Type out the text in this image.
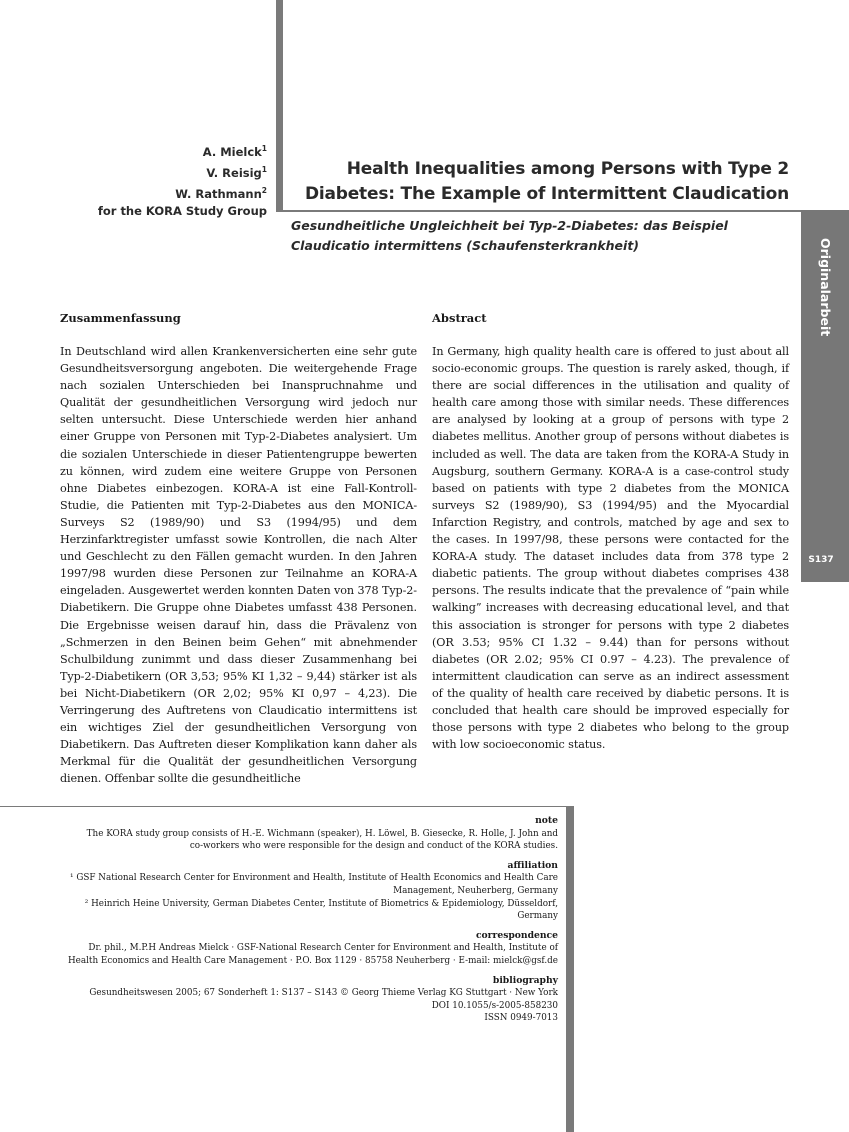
A. Mielck$^1$
V. Reisig$^1$
W. Rathmann$^2$
for the KORA Study Group
Health Inequalities among Persons with Type 2
Diabetes: The Example of Intermittent Claudication
Gesundheitliche Ungleichheit bei Typ-2-Diabetes: das Beispiel Claudicatio intermittens (Schaufensterkrankheit)	Originalarbeit
S137
Zusammenfassung

In Deutschland wird allen Krankenversicherten eine sehr gute Gesundheitsversorgung angeboten. Die weitergehende Frage nach sozialen Unterschieden bei Inanspruchnahme und Qualität der gesundheitlichen Versorgung wird jedoch nur selten untersucht. Diese Unterschiede werden hier anhand einer Gruppe von Personen mit Typ-2-Diabetes analysiert. Um die sozialen Unterschiede in dieser Patientengruppe bewerten zu können, wird zudem eine weitere Gruppe von Personen ohne Diabetes einbezogen. KORA-A ist eine Fall-Kontroll-Studie, die Patienten mit Typ-2-Diabetes aus den MONICA-Surveys S2 (1989/90) und S3 (1994/95) und dem Herzinfarktregister umfasst sowie Kontrollen, die nach Alter und Geschlecht zu den Fällen gemacht wurden. In den Jahren 1997/98 wurden diese Personen zur Teilnahme an KORA-A eingeladen. Ausgewertet werden konnten Daten von 378 Typ-2-Diabetikern. Die Gruppe ohne Diabetes umfasst 438 Personen. Die Ergebnisse weisen darauf hin, dass die Prävalenz von „Schmerzen in den Beinen beim Gehen“ mit abnehmender Schulbildung zunimmt und dass dieser Zusammenhang bei Typ-2-Diabetikern (OR 3,53; 95% KI 1,32 – 9,44) stärker ist als bei Nicht-Diabetikern (OR 2,02; 95% KI 0,97 – 4,23). Die Verringerung des Auftretens von Claudicatio intermittens ist ein wichtiges Ziel der gesundheitlichen Versorgung von Diabetikern. Das Auftreten dieser Komplikation kann daher als Merkmal für die Qualität der gesundheitlichen Versorgung dienen. Offenbar sollte die gesundheitliche

Abstract

In Germany, high quality health care is offered to just about all socio-economic groups. The question is rarely asked, though, if there are social differences in the utilisation and quality of health care among those with similar needs. These differences are analysed by looking at a group of persons with type 2 diabetes mellitus. Another group of persons without diabetes is included as well. The data are taken from the KORA-A Study in Augsburg, southern Germany. KORA-A is a case-control study based on patients with type 2 diabetes from the MONICA surveys S2 (1989/90), S3 (1994/95) and the Myocardial Infarction Registry, and controls, matched by age and sex to the cases. In 1997/98, these persons were contacted for the KORA-A study. The dataset includes data from 378 type 2 diabetic patients. The group without diabetes comprises 438 persons. The results indicate that the prevalence of “pain while walking” increases with decreasing educational level, and that this association is stronger for persons with type 2 diabetes (OR 3.53; 95% CI 1.32 – 9.44) than for persons without diabetes (OR 2.02; 95% CI 0.97 – 4.23). The prevalence of intermittent claudication can serve as an indirect assessment of the quality of health care received by diabetic persons. It is concluded that health care should be improved especially for those persons with type 2 diabetes who belong to the group with low socioeconomic status.

note
The KORA study group consists of H.-E. Wichmann (speaker), H. Löwel, B. Giesecke, R. Holle, J. John and
co-workers who were responsible for the design and conduct of the KORA studies.
affiliation
¹ GSF National Research Center for Environment and Health, Institute of Health Economics and Health Care
Management, Neuherberg, Germany
² Heinrich Heine University, German Diabetes Center, Institute of Biometrics & Epidemiology, Düsseldorf,
Germany
correspondence
Dr. phil., M.P.H Andreas Mielck · GSF-National Research Center for Environment and Health, Institute of
Health Economics and Health Care Management · P.O. Box 1129 · 85758 Neuherberg · E-mail: mielck@gsf.de
bibliography
Gesundheitswesen 2005; 67 Sonderheft 1: S137 – S143 © Georg Thieme Verlag KG Stuttgart · New York
DOI 10.1055/s-2005-858230
ISSN 0949-7013
